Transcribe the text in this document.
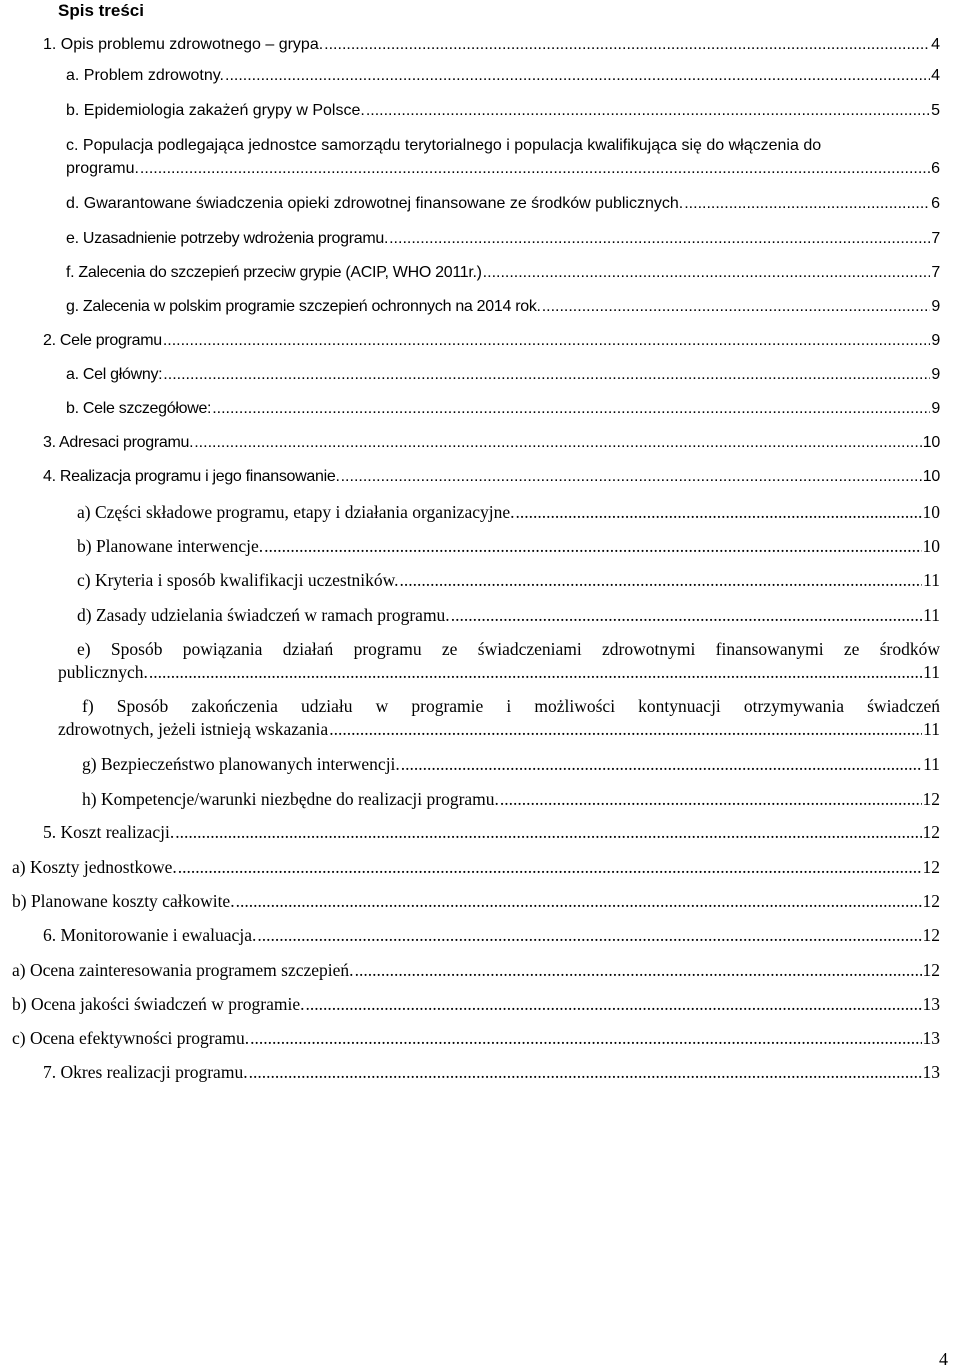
Spis treści
1. Opis problemu zdrowotnego – grypa. .....	4
a. Problem zdrowotny. .....	4
b. Epidemiologia zakażeń grypy w Polsce. .....	5
c. Populacja podlegająca jednostce samorządu terytorialnego i populacja kwalifikująca się do włączenia do
programu. .....	6
d. Gwarantowane świadczenia opieki zdrowotnej finansowane ze środków publicznych. .....	6
e. Uzasadnienie potrzeby wdrożenia programu. .....	7
f. Zalecenia do szczepień przeciw grypie (ACIP, WHO 2011r.) .....	7
g. Zalecenia w polskim programie szczepień ochronnych na 2014 rok. .....	9
2. Cele programu .....	9
a. Cel główny: .....	9
b. Cele szczegółowe: .....	9
3. Adresaci programu. .....	10
4. Realizacja programu i jego finansowanie. .....	10
a) Części składowe programu, etapy i działania organizacyjne. .....	10
b) Planowane interwencje. .....	10
c) Kryteria i sposób kwalifikacji uczestników. .....	11
d) Zasady udzielania świadczeń w ramach programu. .....	11
e) Sposób powiązania działań programu ze świadczeniami zdrowotnymi finansowanymi ze środków
publicznych. .....	11
f) Sposób zakończenia udziału w programie i możliwości kontynuacji otrzymywania świadczeń
zdrowotnych, jeżeli istnieją wskazania .....	11
g) Bezpieczeństwo planowanych interwencji. .....	11
h) Kompetencje/warunki niezbędne do realizacji programu. .....	12
5. Koszt realizacji. .....	12
a) Koszty jednostkowe. .....	12
b) Planowane koszty całkowite. .....	12
6. Monitorowanie i ewaluacja. .....	12
a) Ocena zainteresowania programem szczepień. .....	12
b) Ocena jakości świadczeń w programie. .....	13
c) Ocena efektywności programu. .....	13
7. Okres realizacji programu. .....	13
4
